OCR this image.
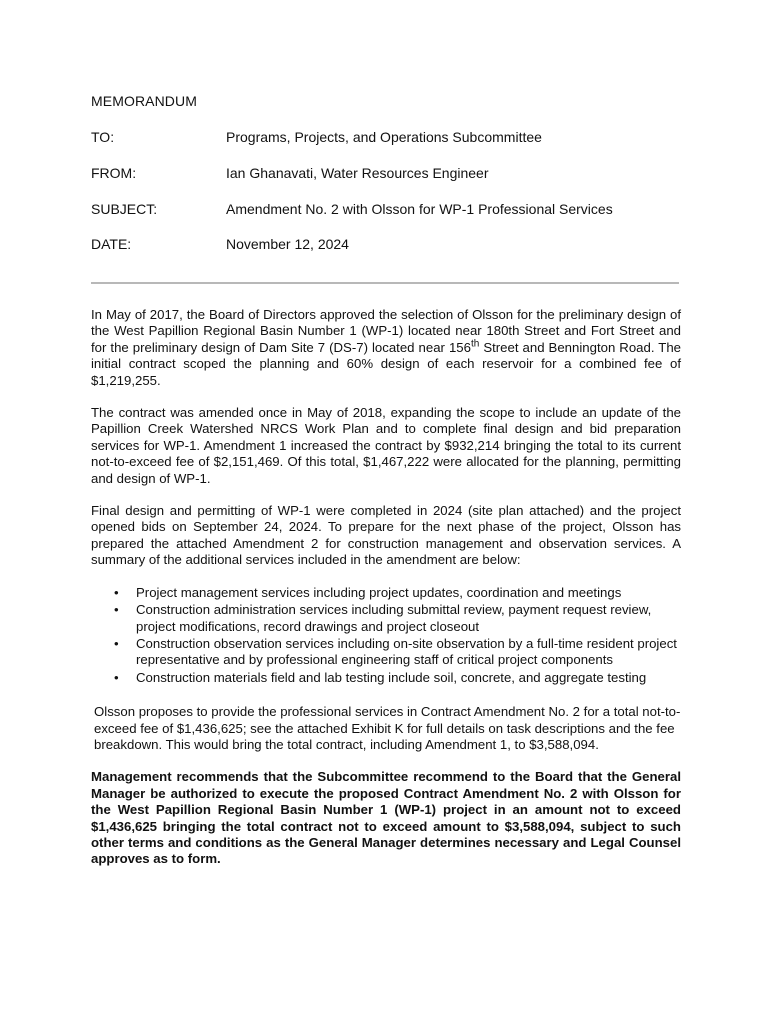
MEMORANDUM
TO:	Programs, Projects, and Operations Subcommittee
FROM:	Ian Ghanavati, Water Resources Engineer
SUBJECT:	Amendment No. 2 with Olsson for WP-1 Professional Services
DATE:	November 12, 2024

In May of 2017, the Board of Directors approved the selection of Olsson for the preliminary design of the West Papillion Regional Basin Number 1 (WP-1) located near 180th Street and Fort Street and for the preliminary design of Dam Site 7 (DS-7) located near 156th Street and Bennington Road. The initial contract scoped the planning and 60% design of each reservoir for a combined fee of $1,219,255.

The contract was amended once in May of 2018, expanding the scope to include an update of the Papillion Creek Watershed NRCS Work Plan and to complete final design and bid preparation services for WP-1. Amendment 1 increased the contract by $932,214 bringing the total to its current not-to-exceed fee of $2,151,469. Of this total, $1,467,222 were allocated for the planning, permitting and design of WP-1.

Final design and permitting of WP-1 were completed in 2024 (site plan attached) and the project opened bids on September 24, 2024. To prepare for the next phase of the project, Olsson has prepared the attached Amendment 2 for construction management and observation services. A summary of the additional services included in the amendment are below:

• Project management services including project updates, coordination and meetings
• Construction administration services including submittal review, payment request review, project modifications, record drawings and project closeout
• Construction observation services including on-site observation by a full-time resident project representative and by professional engineering staff of critical project components
• Construction materials field and lab testing include soil, concrete, and aggregate testing

Olsson proposes to provide the professional services in Contract Amendment No. 2 for a total not-to-exceed fee of $1,436,625; see the attached Exhibit K for full details on task descriptions and the fee breakdown. This would bring the total contract, including Amendment 1, to $3,588,094.

Management recommends that the Subcommittee recommend to the Board that the General Manager be authorized to execute the proposed Contract Amendment No. 2 with Olsson for the West Papillion Regional Basin Number 1 (WP-1) project in an amount not to exceed $1,436,625 bringing the total contract not to exceed amount to $3,588,094, subject to such other terms and conditions as the General Manager determines necessary and Legal Counsel approves as to form.
